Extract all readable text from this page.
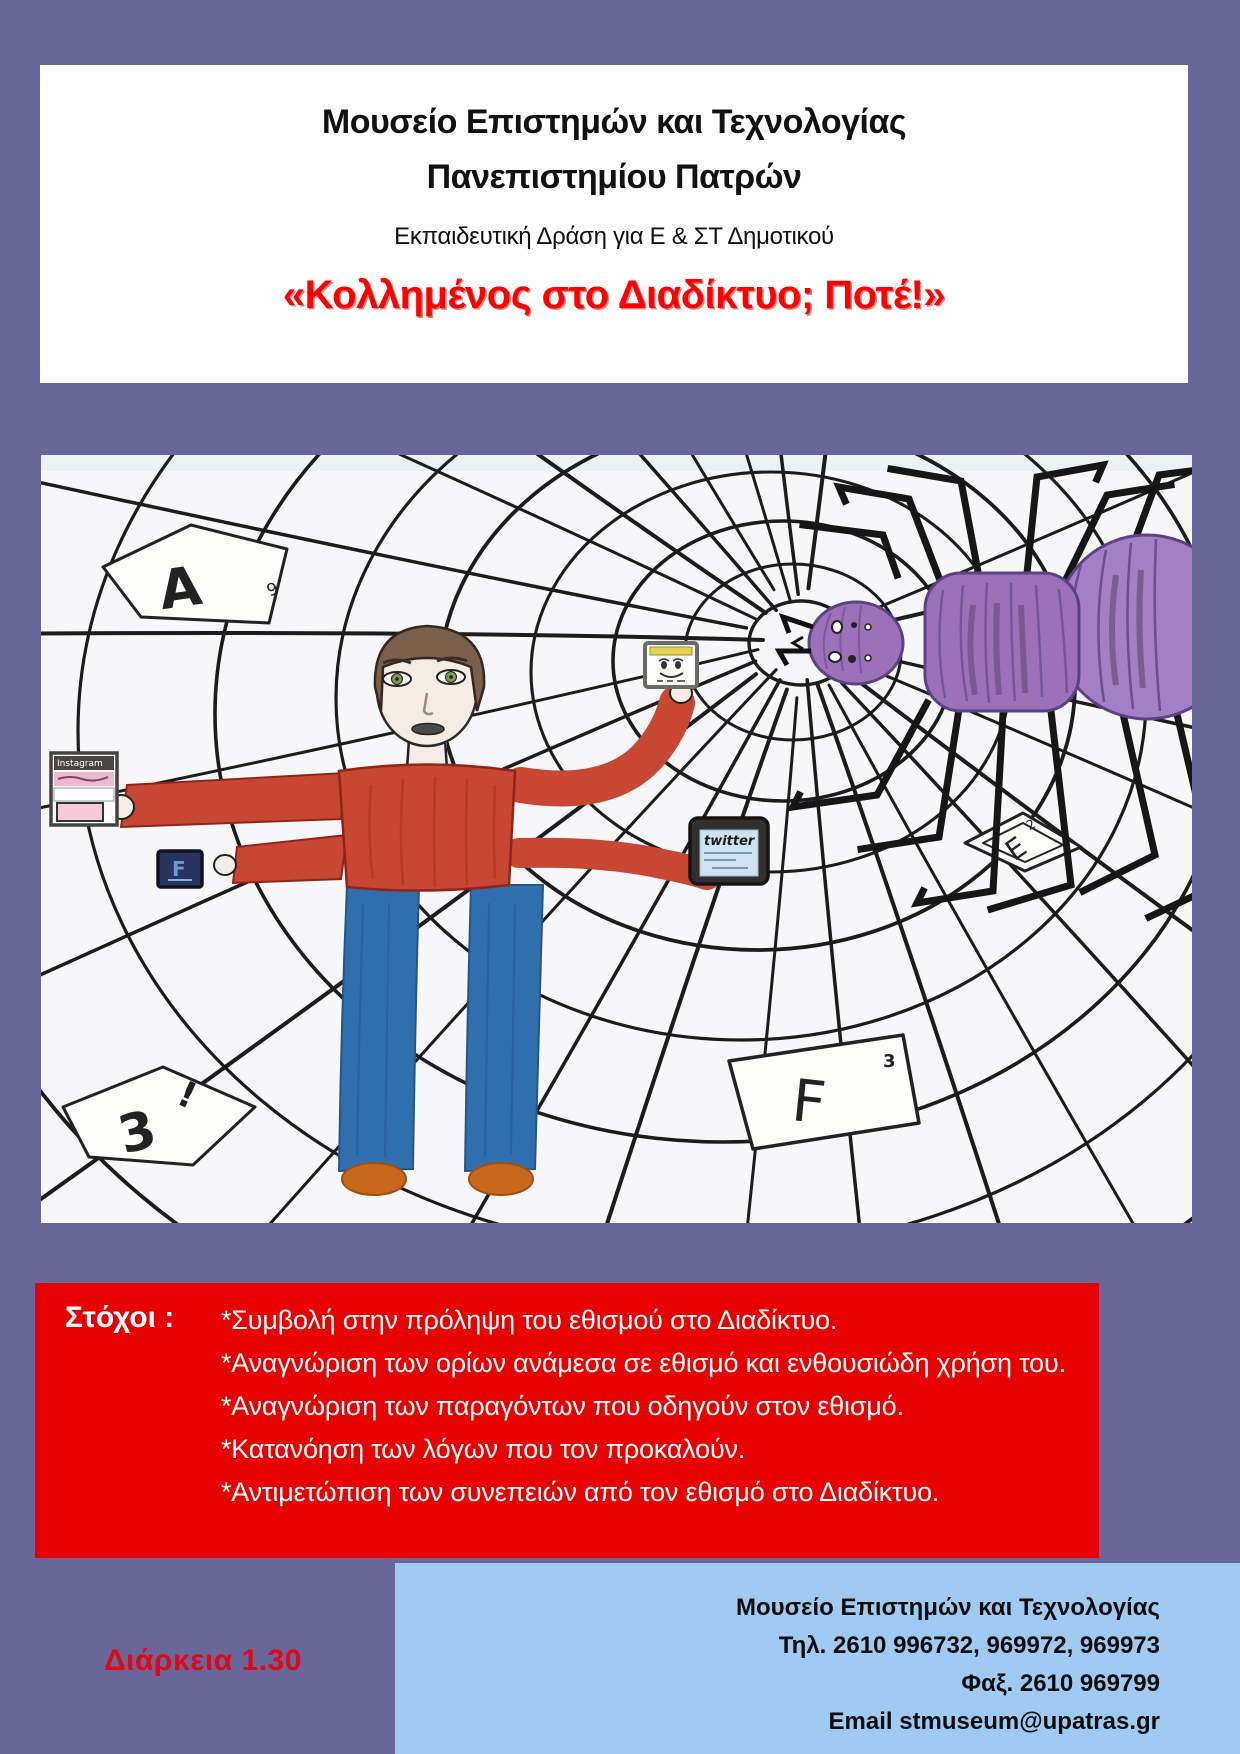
Μουσείο Επιστημών και Τεχνολογίας

Πανεπιστημίου Πατρών

Εκπαιδευτική Δράση για Ε & ΣΤ Δημοτικού

«Κολλημένος στο Διαδίκτυο; Ποτέ!»

A	9
3
!	F
3
E
2
Instagram
F
twitter
Στόχοι :	*Συμβολή στην πρόληψη του εθισμού στο Διαδίκτυο.
*Αναγνώριση των ορίων ανάμεσα σε εθισμό και ενθουσιώδη χρήση του.
*Αναγνώριση των παραγόντων που οδηγούν στον εθισμό.
*Κατανόηση των λόγων που τον προκαλούν.
*Αντιμετώπιση των συνεπειών από τον εθισμό στο Διαδίκτυο.
Διάρκεια 1.30
Μουσείο Επιστημών και Τεχνολογίας
Τηλ. 2610 996732, 969972, 969973
Φαξ. 2610 969799
Email stmuseum@upatras.gr
